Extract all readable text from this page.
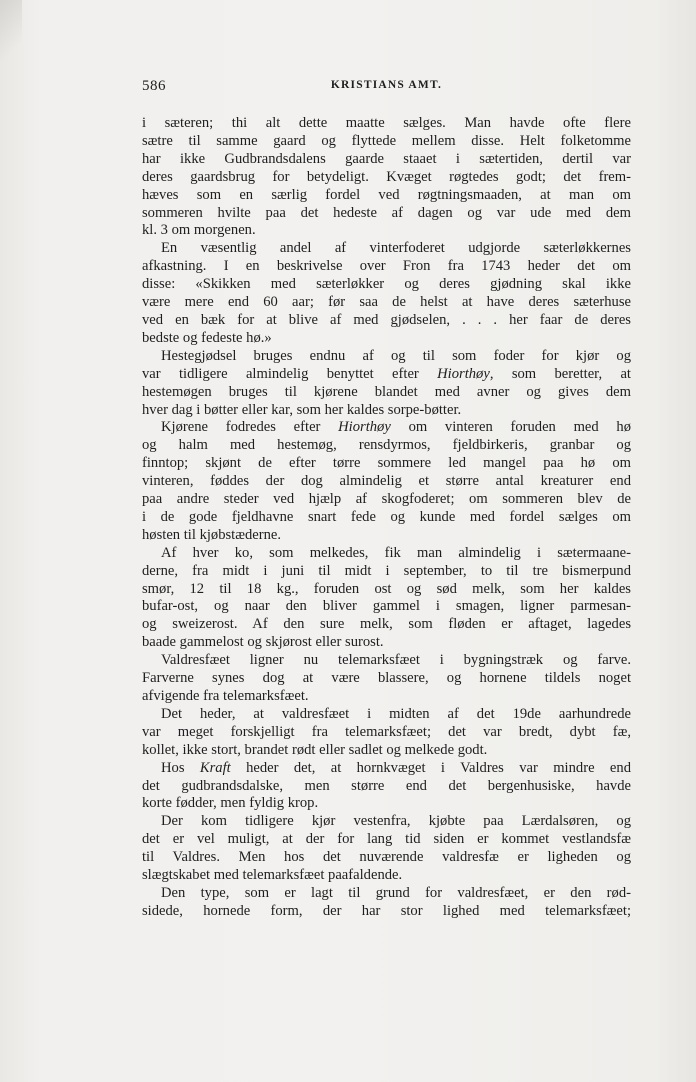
586	KRISTIANS AMT.
i sæteren; thi alt dette maatte sælges. Man havde ofte flere
sætre til samme gaard og flyttede mellem disse. Helt folketomme
har ikke Gudbrandsdalens gaarde staaet i sætertiden, dertil var
deres gaardsbrug for betydeligt. Kvæget røgtedes godt; det frem-
hæves som en særlig fordel ved røgtningsmaaden, at man om
sommeren hvilte paa det hedeste af dagen og var ude med dem
kl. 3 om morgenen.
En væsentlig andel af vinterfoderet udgjorde sæterløkkernes
afkastning. I en beskrivelse over Fron fra 1743 heder det om
disse: «Skikken med sæterløkker og deres gjødning skal ikke
være mere end 60 aar; før saa de helst at have deres sæterhuse
ved en bæk for at blive af med gjødselen, . . . her faar de deres
bedste og fedeste hø.»
Hestegjødsel bruges endnu af og til som foder for kjør og
var tidligere almindelig benyttet efter Hiorthøy, som beretter, at
hestemøgen bruges til kjørene blandet med avner og gives dem
hver dag i bøtter eller kar, som her kaldes sorpe-bøtter.
Kjørene fodredes efter Hiorthøy om vinteren foruden med hø
og halm med hestemøg, rensdyrmos, fjeldbirkeris, granbar og
finntop; skjønt de efter tørre sommere led mangel paa hø om
vinteren, føddes der dog almindelig et større antal kreaturer end
paa andre steder ved hjælp af skogfoderet; om sommeren blev de
i de gode fjeldhavne snart fede og kunde med fordel sælges om
høsten til kjøbstæderne.
Af hver ko, som melkedes, fik man almindelig i sætermaane-
derne, fra midt i juni til midt i september, to til tre bismerpund
smør, 12 til 18 kg., foruden ost og sød melk, som her kaldes
bufar-ost, og naar den bliver gammel i smagen, ligner parmesan-
og sweizerost. Af den sure melk, som fløden er aftaget, lagedes
baade gammelost og skjørost eller surost.
Valdresfæet ligner nu telemarksfæet i bygningstræk og farve.
Farverne synes dog at være blassere, og hornene tildels noget
afvigende fra telemarksfæet.
Det heder, at valdresfæet i midten af det 19de aarhundrede
var meget forskjelligt fra telemarksfæet; det var bredt, dybt fæ,
kollet, ikke stort, brandet rødt eller sadlet og melkede godt.
Hos Kraft heder det, at hornkvæget i Valdres var mindre end
det gudbrandsdalske, men større end det bergenhusiske, havde
korte fødder, men fyldig krop.
Der kom tidligere kjør vestenfra, kjøbte paa Lærdalsøren, og
det er vel muligt, at der for lang tid siden er kommet vestlandsfæ
til Valdres. Men hos det nuværende valdresfæ er ligheden og
slægtskabet med telemarksfæet paafaldende.
Den type, som er lagt til grund for valdresfæet, er den rød-
sidede, hornede form, der har stor lighed med telemarksfæet;
